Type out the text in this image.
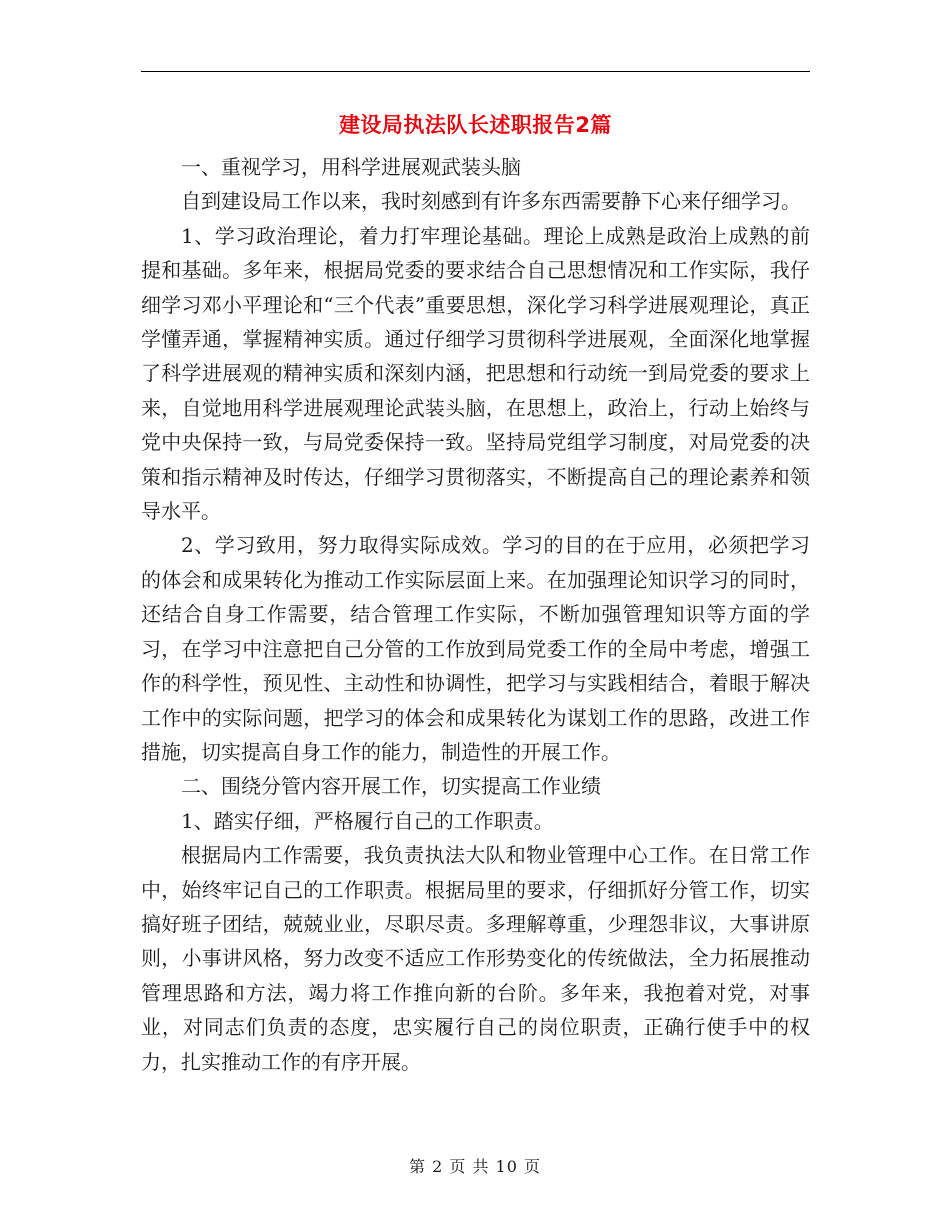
建设局执法队长述职报告2篇

一、重视学习，用科学进展观武装头脑

自到建设局工作以来，我时刻感到有许多东西需要静下心来仔细学习。

1、学习政治理论，着力打牢理论基础。理论上成熟是政治上成熟的前提和基础。多年来，根据局党委的要求结合自己思想情况和工作实际，我仔细学习邓小平理论和“三个代表”重要思想，深化学习科学进展观理论，真正学懂弄通，掌握精神实质。通过仔细学习贯彻科学进展观，全面深化地掌握了科学进展观的精神实质和深刻内涵，把思想和行动统一到局党委的要求上来，自觉地用科学进展观理论武装头脑，在思想上，政治上，行动上始终与党中央保持一致，与局党委保持一致。坚持局党组学习制度，对局党委的决策和指示精神及时传达，仔细学习贯彻落实，不断提高自己的理论素养和领导水平。

2、学习致用，努力取得实际成效。学习的目的在于应用，必须把学习的体会和成果转化为推动工作实际层面上来。在加强理论知识学习的同时，还结合自身工作需要，结合管理工作实际，不断加强管理知识等方面的学习，在学习中注意把自己分管的工作放到局党委工作的全局中考虑，增强工作的科学性，预见性、主动性和协调性，把学习与实践相结合，着眼于解决工作中的实际问题，把学习的体会和成果转化为谋划工作的思路，改进工作措施，切实提高自身工作的能力，制造性的开展工作。

二、围绕分管内容开展工作，切实提高工作业绩

1、踏实仔细，严格履行自己的工作职责。

根据局内工作需要，我负责执法大队和物业管理中心工作。在日常工作中，始终牢记自己的工作职责。根据局里的要求，仔细抓好分管工作，切实搞好班子团结，兢兢业业，尽职尽责。多理解尊重，少理怨非议，大事讲原则，小事讲风格，努力改变不适应工作形势变化的传统做法，全力拓展推动管理思路和方法，竭力将工作推向新的台阶。多年来，我抱着对党，对事业，对同志们负责的态度，忠实履行自己的岗位职责，正确行使手中的权力，扎实推动工作的有序开展。

第 2 页 共 10 页
